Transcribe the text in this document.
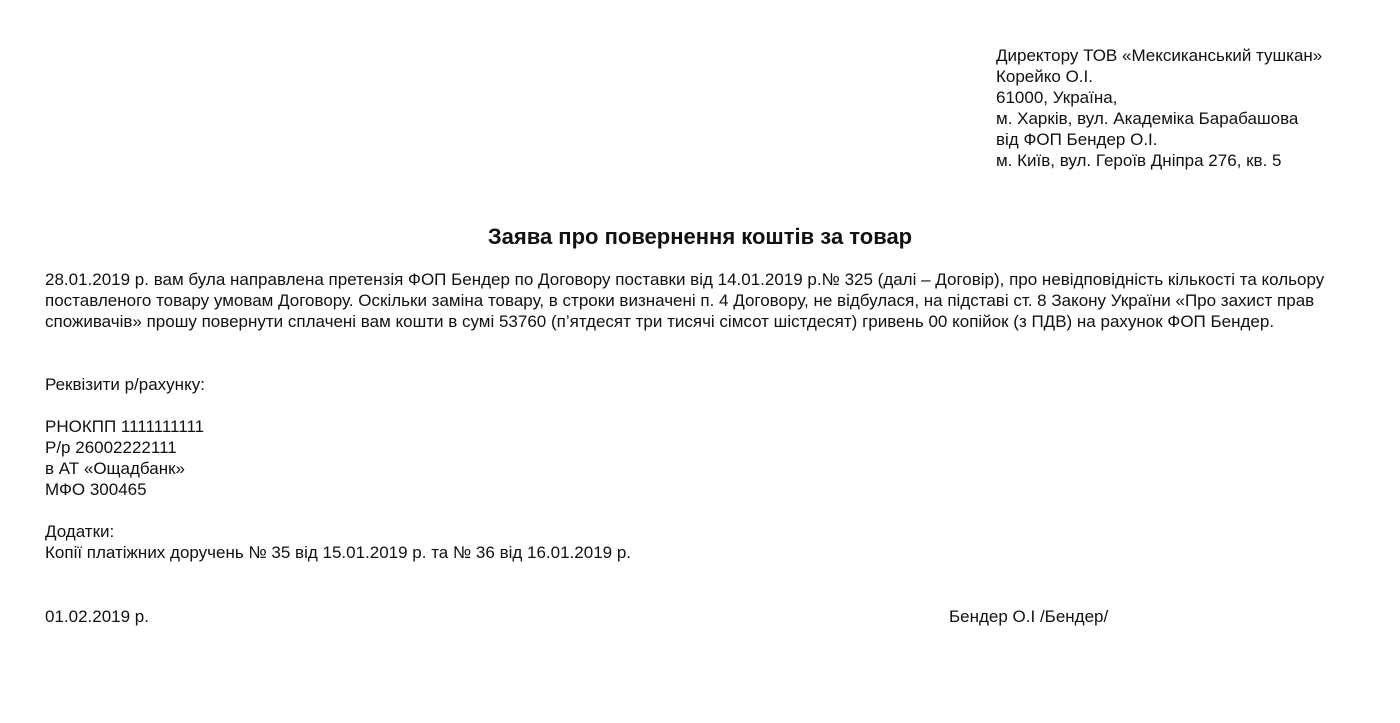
Директору ТОВ «Мексиканський тушкан»
Корейко О.І.
61000, Україна,
м. Харків, вул. Академіка Барабашова
від ФОП Бендер О.І.
м. Київ, вул. Героїв Дніпра 276, кв. 5
Заява про повернення коштів за товар
28.01.2019 р. вам була направлена претензія ФОП Бендер по Договору поставки від 14.01.2019 р.№ 325 (далі – Договір), про невідповідність кількості та кольору поставленого товару умовам Договору. Оскільки заміна товару, в строки визначені п. 4 Договору, не відбулася, на підставі ст. 8 Закону України «Про захист прав споживачів» прошу повернути сплачені вам кошти в сумі 53760 (п’ятдесят три тисячі сімсот шістдесят) гривень 00 копійок (з ПДВ) на рахунок ФОП Бендер.
Реквізити р/рахунку:
РНОКПП 1111111111
Р/р 26002222111
в АТ «Ощадбанк»
МФО 300465
Додатки:
Копії платіжних доручень № 35 від 15.01.2019 р. та № 36 від 16.01.2019 р.
01.02.2019 р.	Бендер О.І /Бендер/
